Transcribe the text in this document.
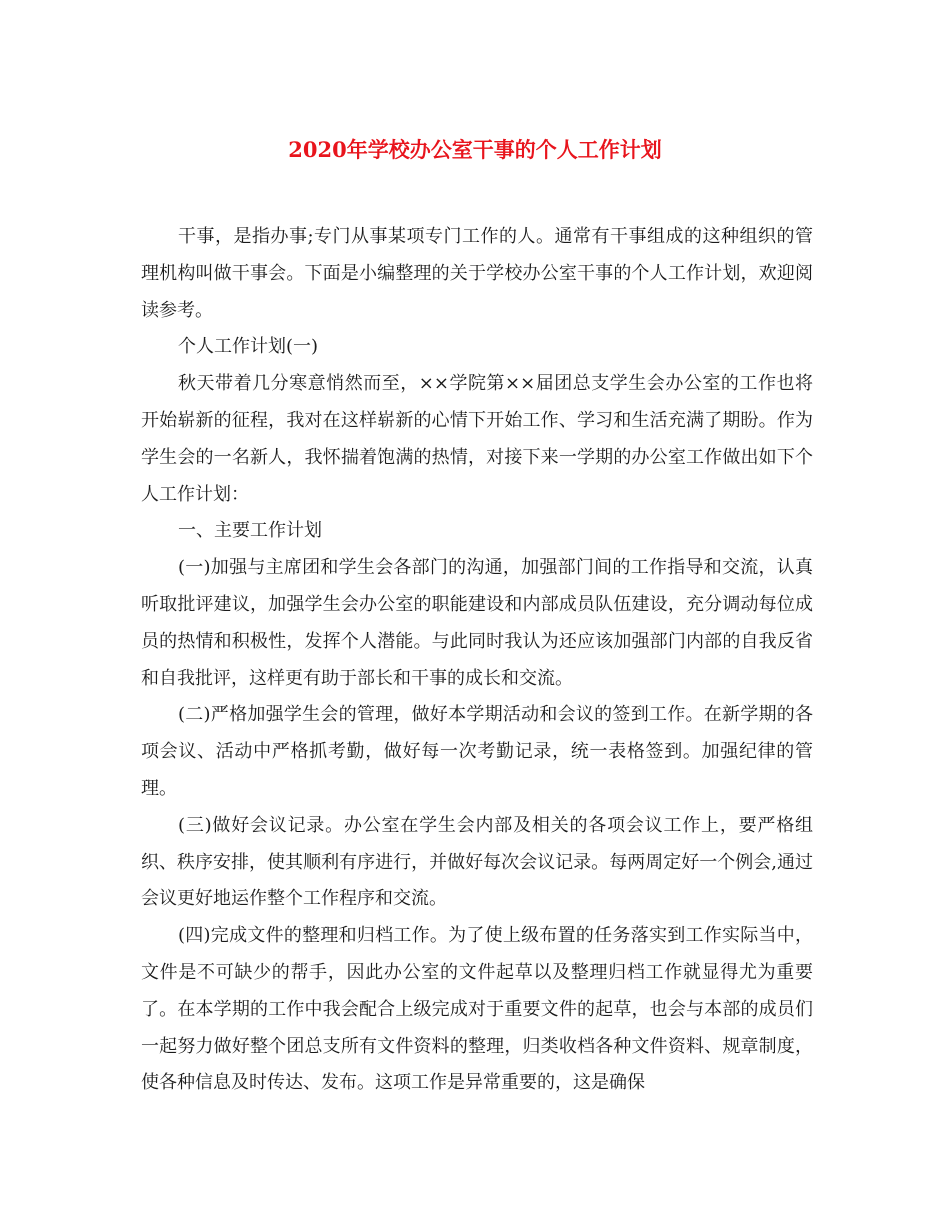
2020年学校办公室干事的个人工作计划

干事，是指办事;专门从事某项专门工作的人。通常有干事组成的这种组织的管理机构叫做干事会。下面是小编整理的关于学校办公室干事的个人工作计划，欢迎阅读参考。

个人工作计划(一)

秋天带着几分寒意悄然而至，××学院第××届团总支学生会办公室的工作也将开始崭新的征程，我对在这样崭新的心情下开始工作、学习和生活充满了期盼。作为学生会的一名新人，我怀揣着饱满的热情，对接下来一学期的办公室工作做出如下个人工作计划：

一、主要工作计划

(一)加强与主席团和学生会各部门的沟通，加强部门间的工作指导和交流，认真听取批评建议，加强学生会办公室的职能建设和内部成员队伍建设，充分调动每位成员的热情和积极性，发挥个人潜能。与此同时我认为还应该加强部门内部的自我反省和自我批评，这样更有助于部长和干事的成长和交流。

(二)严格加强学生会的管理，做好本学期活动和会议的签到工作。在新学期的各项会议、活动中严格抓考勤，做好每一次考勤记录，统一表格签到。加强纪律的管理。

(三)做好会议记录。办公室在学生会内部及相关的各项会议工作上，要严格组织、秩序安排，使其顺利有序进行，并做好每次会议记录。每两周定好一个例会,通过会议更好地运作整个工作程序和交流。

(四)完成文件的整理和归档工作。为了使上级布置的任务落实到工作实际当中，文件是不可缺少的帮手，因此办公室的文件起草以及整理归档工作就显得尤为重要了。在本学期的工作中我会配合上级完成对于重要文件的起草，也会与本部的成员们一起努力做好整个团总支所有文件资料的整理，归类收档各种文件资料、规章制度，使各种信息及时传达、发布。这项工作是异常重要的，这是确保
